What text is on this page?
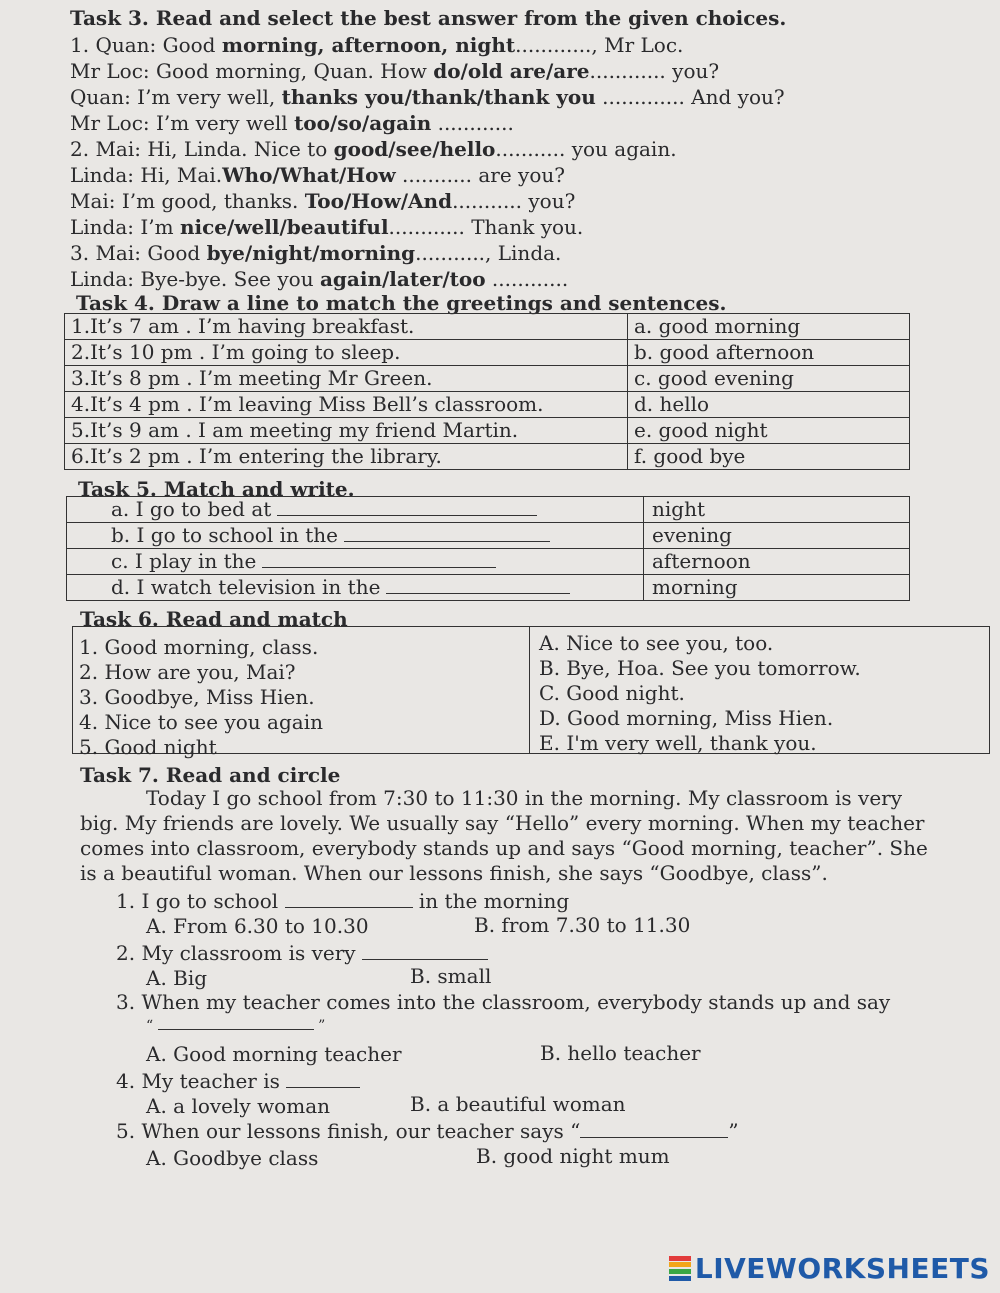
Task 3. Read and select the best answer from the given choices.
1. Quan: Good morning, afternoon, night............, Mr Loc.
Mr Loc: Good morning, Quan. How do/old are/are............ you?
Quan: I’m very well, thanks you/thank/thank you ............. And you?
Mr Loc: I’m very well too/so/again ............
2. Mai: Hi, Linda. Nice to good/see/hello........... you again.
Linda: Hi, Mai.Who/What/How ........... are you?
Mai: I’m good, thanks. Too/How/And........... you?
Linda: I’m nice/well/beautiful............ Thank you.
3. Mai: Good bye/night/morning..........., Linda.
Linda: Bye-bye. See you again/later/too ............
Task 4. Draw a line to match the greetings and sentences.
1.It’s 7 am . I’m having breakfast.	a. good morning
2.It’s 10 pm . I’m going to sleep.	b. good afternoon
3.It’s 8 pm . I’m meeting Mr Green.	c. good evening
4.It’s 4 pm . I’m leaving Miss Bell’s classroom.	d. hello
5.It’s 9 am . I am meeting my friend Martin.	e. good night
6.It’s 2 pm . I’m entering the library.	f. good bye
Task 5. Match and write.
a. I go to bed at	night
b. I go to school in the	evening
c. I play in the	afternoon
d. I watch television in the	morning
Task 6. Read and match
1. Good morning, class.
2. How are you, Mai?
3. Goodbye, Miss Hien.
4. Nice to see you again
5. Good night
A. Nice to see you, too.
B. Bye, Hoa. See you tomorrow.
C. Good night.
D. Good morning, Miss Hien.
E. I'm very well, thank you.
Task 7. Read and circle
Today I go school from 7:30 to 11:30 in the morning. My classroom is very
big. My friends are lovely. We usually say “Hello” every morning. When my teacher
comes into classroom, everybody stands up and says “Good morning, teacher”. She
is a beautiful woman. When our lessons finish, she says “Goodbye, class”.
1. I go to school	in the morning
A. From 6.30 to 10.30	B. from 7.30 to 11.30
2. My classroom is very
A. Big	B. small
3. When my teacher comes into the classroom, everybody stands up and say
“	”
A. Good morning teacher	B. hello teacher
4. My teacher is
A. a lovely woman	B. a beautiful woman
5. When our lessons finish, our teacher says “	”
A. Goodbye class	B. good night mum
LIVEWORKSHEETS
